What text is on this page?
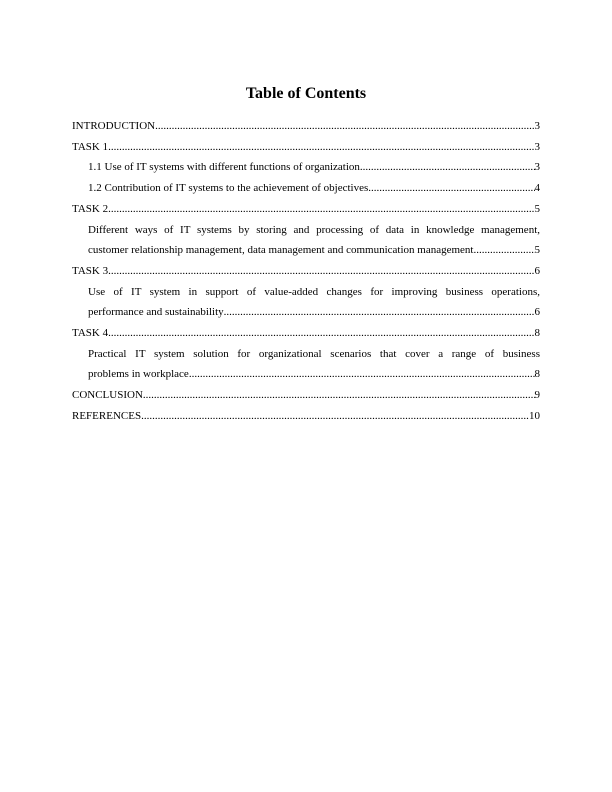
Table of Contents
INTRODUCTION .....	3
TASK 1 .....	3
1.1 Use of IT systems with different functions of organization .....	3
1.2 Contribution of IT systems to the achievement of objectives .....	4
TASK 2 .....	5
Different ways of IT systems by storing and processing of data in knowledge management,
customer relationship management, data management and communication management .....	5
TASK 3 .....	6
Use of IT system in support of value-added changes for improving business operations,
performance and sustainability .....	6
TASK 4 .....	8
Practical IT system solution for organizational scenarios that cover a range of business
problems in workplace .....	8
CONCLUSION .....	9
REFERENCES .....	10
